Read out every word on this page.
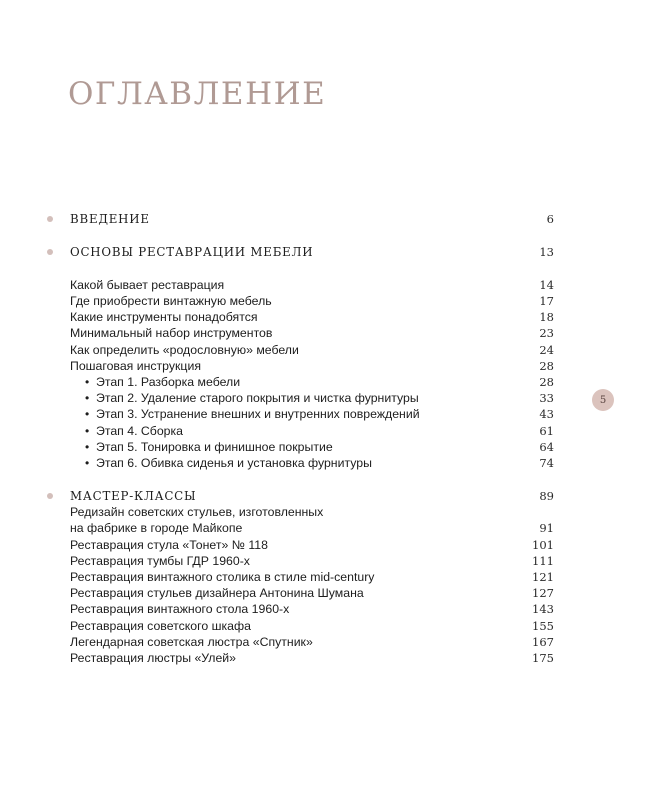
ОГЛАВЛЕНИЕ
ВВЕДЕНИЕ	6
ОСНОВЫ РЕСТАВРАЦИИ МЕБЕЛИ	13
Какой бывает реставрация	14
Где приобрести винтажную мебель	17
Какие инструменты понадобятся	18
Минимальный набор инструментов	23
Как определить «родословную» мебели	24
Пошаговая инструкция	28
• Этап 1. Разборка мебели	28
• Этап 2. Удаление старого покрытия и чистка фурнитуры	33
• Этап 3. Устранение внешних и внутренних повреждений	43
• Этап 4. Сборка	61
• Этап 5. Тонировка и финишное покрытие	64
• Этап 6. Обивка сиденья и установка фурнитуры	74
МАСТЕР-КЛАССЫ	89
Редизайн советских стульев, изготовленных
на фабрике в городе Майкопе	91
Реставрация стула «Тонет» № 118	101
Реставрация тумбы ГДР 1960-х	111
Реставрация винтажного столика в стиле mid-century	121
Реставрация стульев дизайнера Антонина Шумана	127
Реставрация винтажного стола 1960-х	143
Реставрация советского шкафа	155
Легендарная советская люстра «Спутник»	167
Реставрация люстры «Улей»	175
5
